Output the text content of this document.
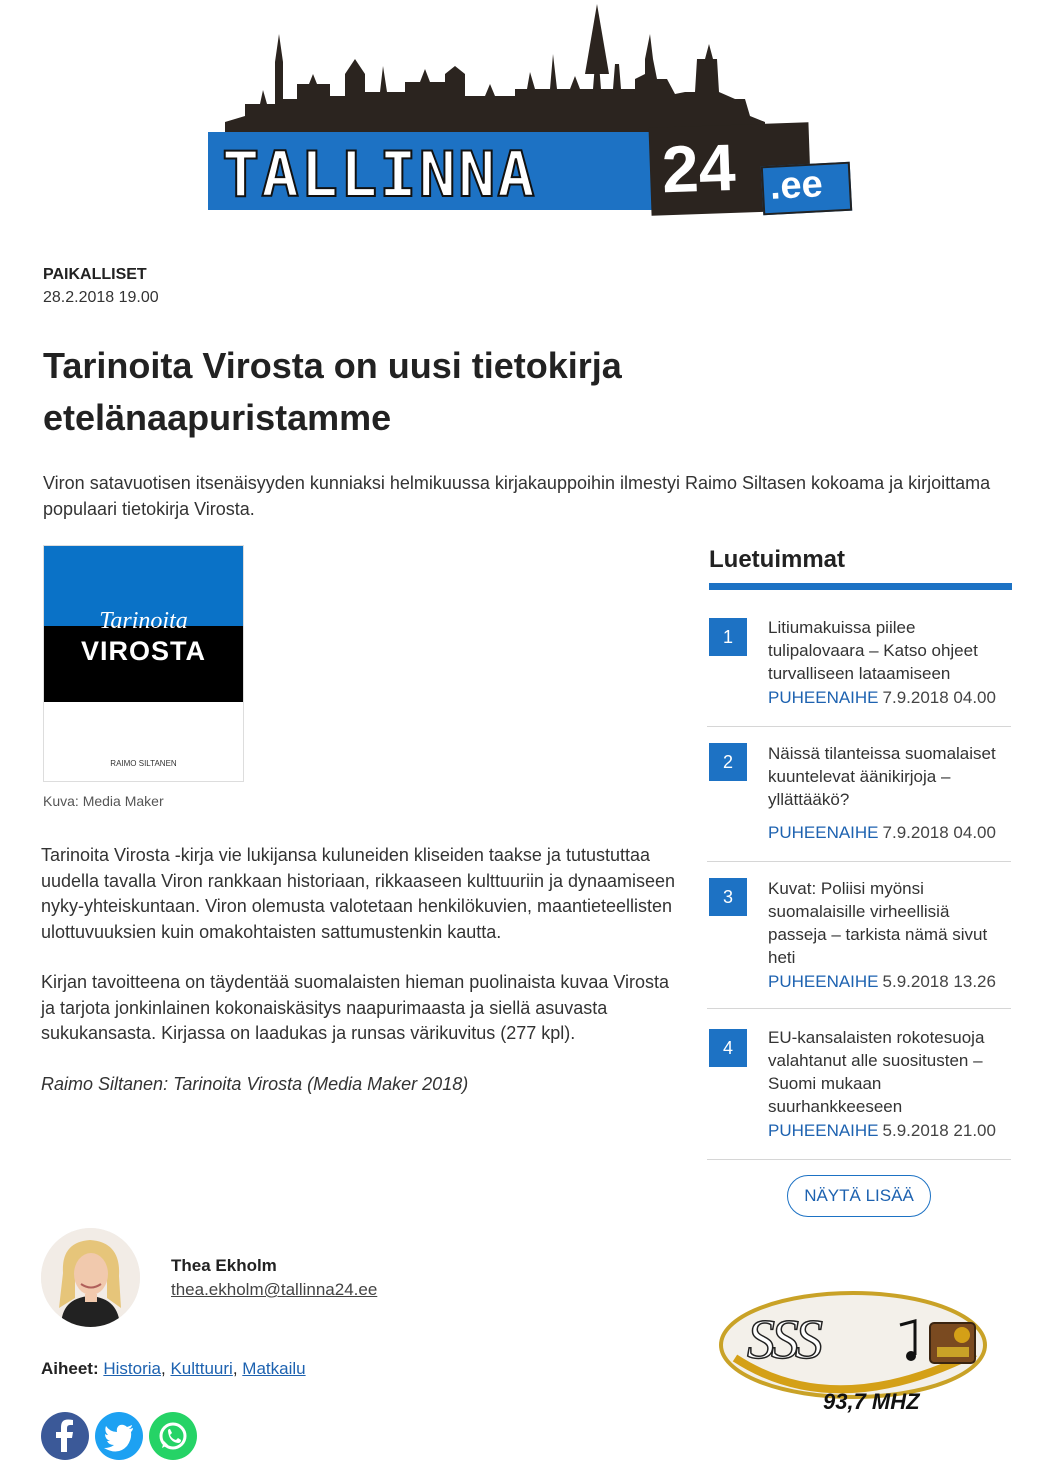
TALLINNA 24 .ee
PAIKALLISET
28.2.2018 19.00
Tarinoita Virosta on uusi tietokirja etelänaapuristamme
Viron satavuotisen itsenäisyyden kunniaksi helmikuussa kirjakauppoihin ilmestyi Raimo Siltasen kokoama ja kirjoittama populaari tietokirja Virosta.
Tarinoita
VIROSTA
RAIMO SILTANEN
Kuva: Media Maker

Tarinoita Virosta -kirja vie lukijansa kuluneiden kliseiden taakse ja tutustuttaa uudella tavalla Viron rankkaan historiaan, rikkaaseen kulttuuriin ja dynaamiseen nyky-yhteiskuntaan. Viron olemusta valotetaan henkilökuvien, maantieteellisten ulottuvuuksien kuin omakohtaisten sattumustenkin kautta.

Kirjan tavoitteena on täydentää suomalaisten hieman puolinaista kuvaa Virosta ja tarjota jonkinlainen kokonaiskäsitys naapurimaasta ja siellä asuvasta sukukansasta. Kirjassa on laadukas ja runsas värikuvitus (277 kpl).

Raimo Siltanen: Tarinoita Virosta (Media Maker 2018)

Thea Ekholm
thea.ekholm@tallinna24.ee
Aiheet: Historia, Kulttuuri, Matkailu
Luetuimmat
1	Litiumakuissa piilee tulipalovaara – Katso ohjeet turvalliseen lataamiseen
PUHEENAIHE 7.9.2018 04.00
2	Näissä tilanteissa suomalaiset kuuntelevat äänikirjoja – yllättääkö?
PUHEENAIHE 7.9.2018 04.00
3	Kuvat: Poliisi myönsi suomalaisille virheellisiä passeja – tarkista nämä sivut heti
PUHEENAIHE 5.9.2018 13.26
4	EU-kansalaisten rokotesuoja valahtanut alle suositusten – Suomi mukaan suurhankkeeseen
PUHEENAIHE 5.9.2018 21.00
NÄYTÄ LISÄÄ
SSS
93,7 MHZ
